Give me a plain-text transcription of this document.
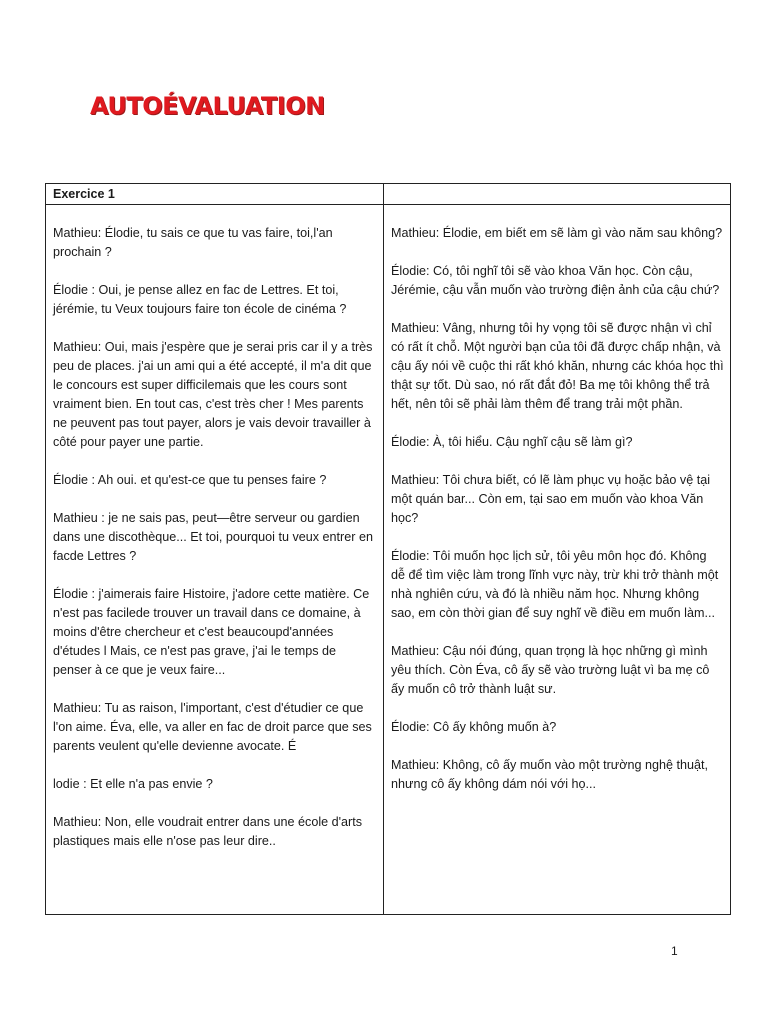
AUTOÉVALUATION
Exercice 1

Mathieu: Élodie, tu sais ce que tu vas faire, toi,l'an prochain ?

Élodie : Oui, je pense allez en fac de Lettres. Et toi, jérémie, tu Veux toujours faire ton école de cinéma ?

Mathieu: Oui, mais j'espère que je serai pris car il y a très peu de places. j'ai un ami qui a été accepté, il m'a dit que le concours est super difficilemais que les cours sont vraiment bien. En tout cas, c'est très cher ! Mes parents ne peuvent pas tout payer, alors je vais devoir travailler à côté pour payer une partie.

Élodie : Ah oui. et qu'est-ce que tu penses faire ?

Mathieu : je ne sais pas, peut—être serveur ou gardien dans une discothèque... Et toi, pourquoi tu veux entrer en facde Lettres ?

Élodie : j'aimerais faire Histoire, j'adore cette matière. Ce n'est pas facilede trouver un travail dans ce domaine, à moins d'être chercheur et c'est beaucoupd'années d'études l Mais, ce n'est pas grave, j'ai le temps de penser à ce que je veux faire...

Mathieu: Tu as raison, l'important, c'est d'étudier ce que l'on aime. Éva, elle, va aller en fac de droit parce que ses parents veulent qu'elle devienne avocate. É

lodie : Et elle n'a pas envie ?

Mathieu: Non, elle voudrait entrer dans une école d'arts plastiques mais elle n'ose pas leur dire..

Mathieu: Élodie, em biết em sẽ làm gì vào năm sau không?

Élodie: Có, tôi nghĩ tôi sẽ vào khoa Văn học. Còn cậu, Jérémie, cậu vẫn muốn vào trường điện ảnh của cậu chứ?

Mathieu: Vâng, nhưng tôi hy vọng tôi sẽ được nhận vì chỉ có rất ít chỗ. Một người bạn của tôi đã được chấp nhận, và cậu ấy nói về cuộc thi rất khó khăn, nhưng các khóa học thì thật sự tốt. Dù sao, nó rất đắt đỏ! Ba mẹ tôi không thể trả hết, nên tôi sẽ phải làm thêm để trang trải một phần.

Élodie: À, tôi hiểu. Cậu nghĩ cậu sẽ làm gì?

Mathieu: Tôi chưa biết, có lẽ làm phục vụ hoặc bảo vệ tại một quán bar... Còn em, tại sao em muốn vào khoa Văn học?

Élodie: Tôi muốn học lịch sử, tôi yêu môn học đó. Không dễ để tìm việc làm trong lĩnh vực này, trừ khi trở thành một nhà nghiên cứu, và đó là nhiều năm học. Nhưng không sao, em còn thời gian để suy nghĩ về điều em muốn làm...

Mathieu: Cậu nói đúng, quan trọng là học những gì mình yêu thích. Còn Éva, cô ấy sẽ vào trường luật vì ba mẹ cô ấy muốn cô trở thành luật sư.

Élodie: Cô ấy không muốn à?

Mathieu: Không, cô ấy muốn vào một trường nghệ thuật, nhưng cô ấy không dám nói với họ...

1
